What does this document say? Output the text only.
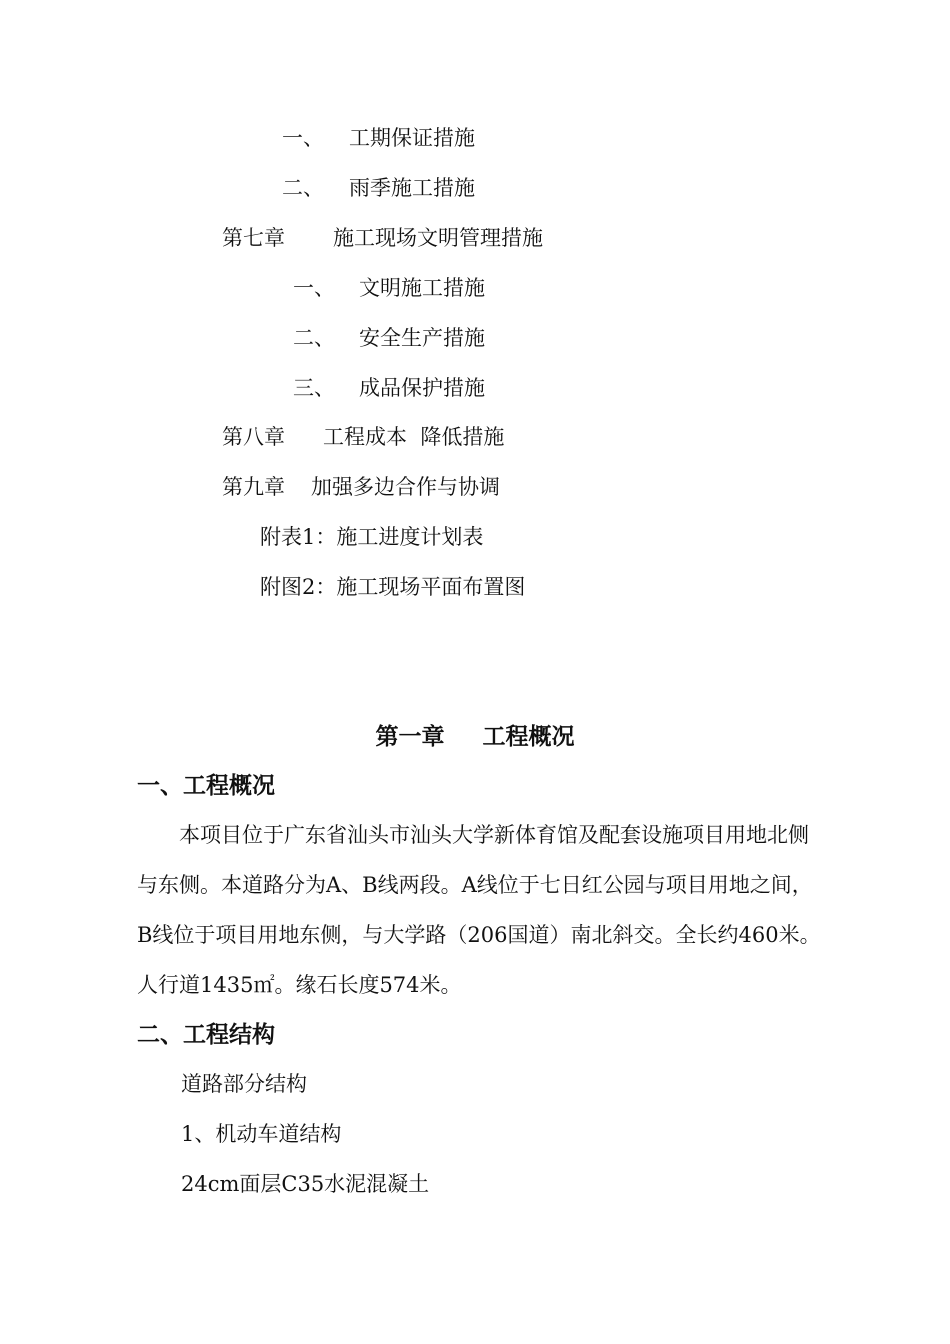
一、 工期保证措施
二、 雨季施工措施
第七章 施工现场文明管理措施
一、 文明施工措施
二、 安全生产措施
三、 成品保护措施
第八章 工程成本  降低措施
第九章 加强多边合作与协调
附表1：施工进度计划表
附图2：施工现场平面布置图
第一章 工程概况
一、工程概况
本项目位于广东省汕头市汕头大学新体育馆及配套设施项目用地北侧
与东侧。本道路分为A、B线两段。A线位于七日红公园与项目用地之间，
B线位于项目用地东侧，与大学路（206国道）南北斜交。全长约460米。
人行道1435㎡。缘石长度574米。
二、工程结构
道路部分结构
1、机动车道结构
24cm面层C35水泥混凝土
